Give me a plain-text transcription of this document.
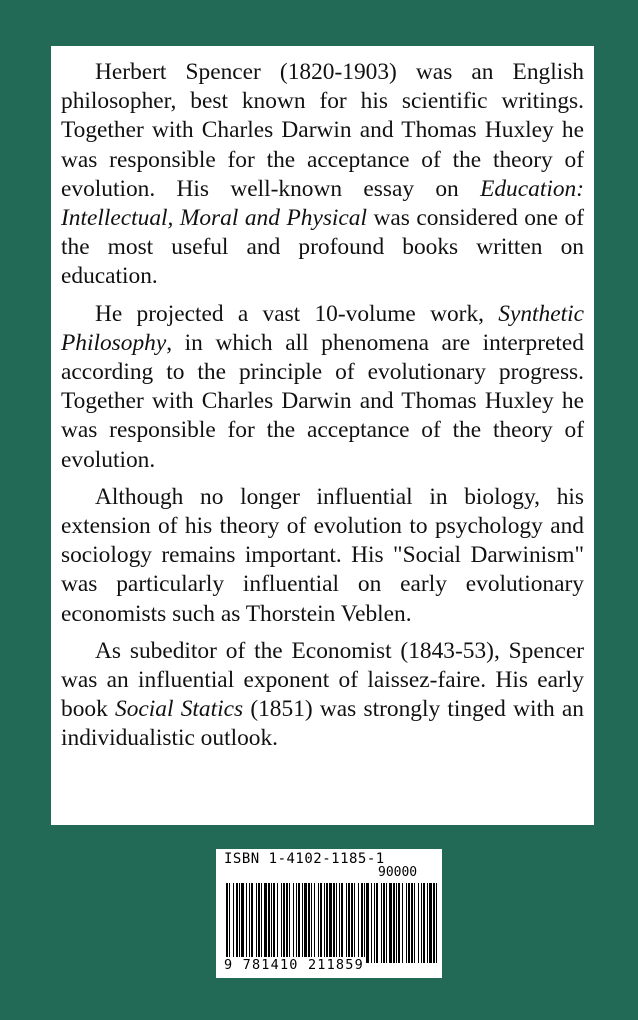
Herbert Spencer (1820-1903) was an English philosopher, best known for his scientific writings. Together with Charles Darwin and Thomas Huxley he was responsible for the acceptance of the theory of evolution. His well-known essay on Education: Intellectual, Moral and Physical was considered one of the most useful and profound books written on education.

He projected a vast 10-volume work, Synthetic Philosophy, in which all phenomena are interpreted according to the principle of evolutionary progress. Together with Charles Darwin and Thomas Huxley he was responsible for the acceptance of the theory of evolution.

Although no longer influential in biology, his extension of his theory of evolution to psychology and sociology remains important. His "Social Darwinism" was particularly influential on early evolutionary economists such as Thorstein Veblen.

As subeditor of the Economist (1843-53), Spencer was an influential exponent of laissez-faire. His early book Social Statics (1851) was strongly tinged with an individualistic outlook.

ISBN 1-4102-1185-1
90000
9 781410 211859
